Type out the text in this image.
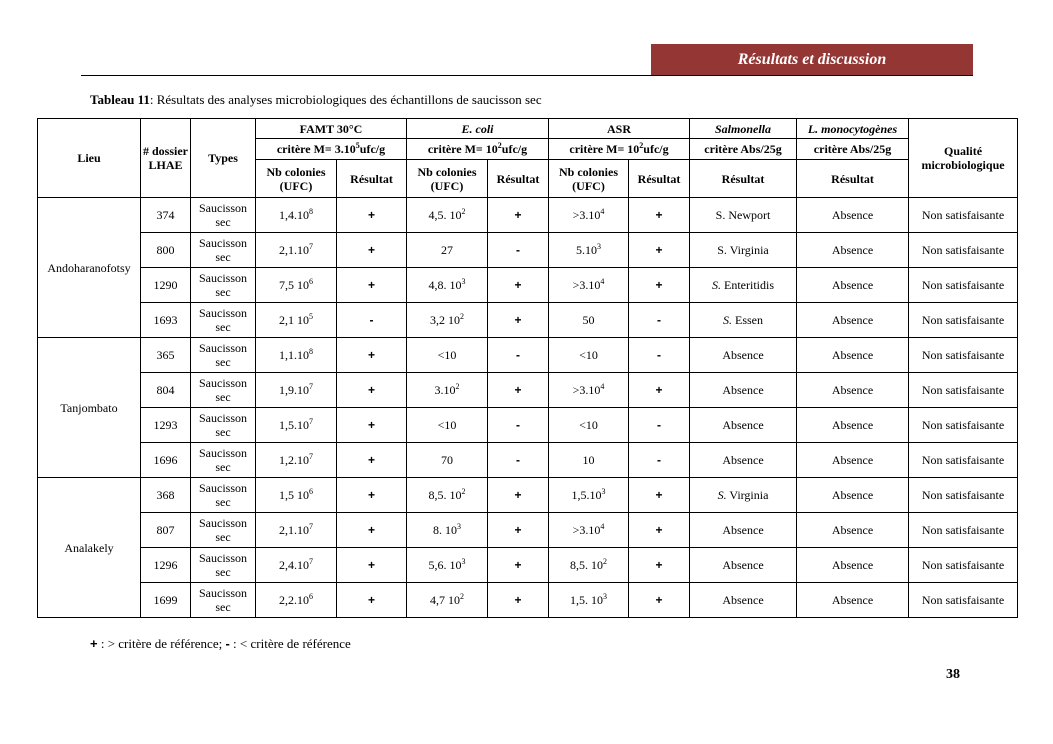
Résultats et discussion
Tableau 11: Résultats des analyses microbiologiques des échantillons de saucisson sec
Lieu	# dossier LHAE	Types	FAMT 30°C		E. coli		ASR		Salmonella	L. monocytogènes	Qualité microbiologique
			critère $M= 3.10^5ufc/g$		critère $M= 10^2ufc/g$		critère $M= 10^2ufc/g$		critère Abs/25g	critère Abs/25g	
			Nb colonies (UFC)	Résultat	Nb colonies (UFC)	Résultat	Nb colonies (UFC)	Résultat	Résultat	Résultat	
Andoharanofotsy	374	Saucisson sec	$1,4.10^8$	+	4,5. $10^2$	+	$>3.10^4$	+	S. Newport	Absence	Non satisfaisante
	800	Saucisson sec	$2,1.10^7$	+	27	-	$5.10^3$	+	S. Virginia	Absence	Non satisfaisante
	1290	Saucisson sec	7,5 $10^6$	+	4,8. $10^3$	+	$>3.10^4$	+	S. Enteritidis	Absence	Non satisfaisante
	1693	Saucisson sec	2,1 $10^5$	-	3,2 $10^2$	+	50	-	S. Essen	Absence	Non satisfaisante
Tanjombato	365	Saucisson sec	$1,1.10^8$	+	<10	-	<10	-	Absence	Absence	Non satisfaisante
	804	Saucisson sec	$1,9.10^7$	+	$3.10^2$	+	$>3.10^4$	+	Absence	Absence	Non satisfaisante
	1293	Saucisson sec	$1,5.10^7$	+	<10	-	<10	-	Absence	Absence	Non satisfaisante
	1696	Saucisson sec	$1,2.10^7$	+	70	-	10	-	Absence	Absence	Non satisfaisante
Analakely	368	Saucisson sec	1,5 $10^6$	+	8,5. $10^2$	+	$1,5.10^3$	+	S. Virginia	Absence	Non satisfaisante
	807	Saucisson sec	$2,1.10^7$	+	8. $10^3$	+	$>3.10^4$	+	Absence	Absence	Non satisfaisante
	1296	Saucisson sec	$2,4.10^7$	+	5,6. $10^3$	+	8,5. $10^2$	+	Absence	Absence	Non satisfaisante
	1699	Saucisson sec	$2,2.10^6$	+	4,7 $10^2$	+	1,5. $10^3$	+	Absence	Absence	Non satisfaisante
+ : > critère de référence; - : < critère de référence
38
